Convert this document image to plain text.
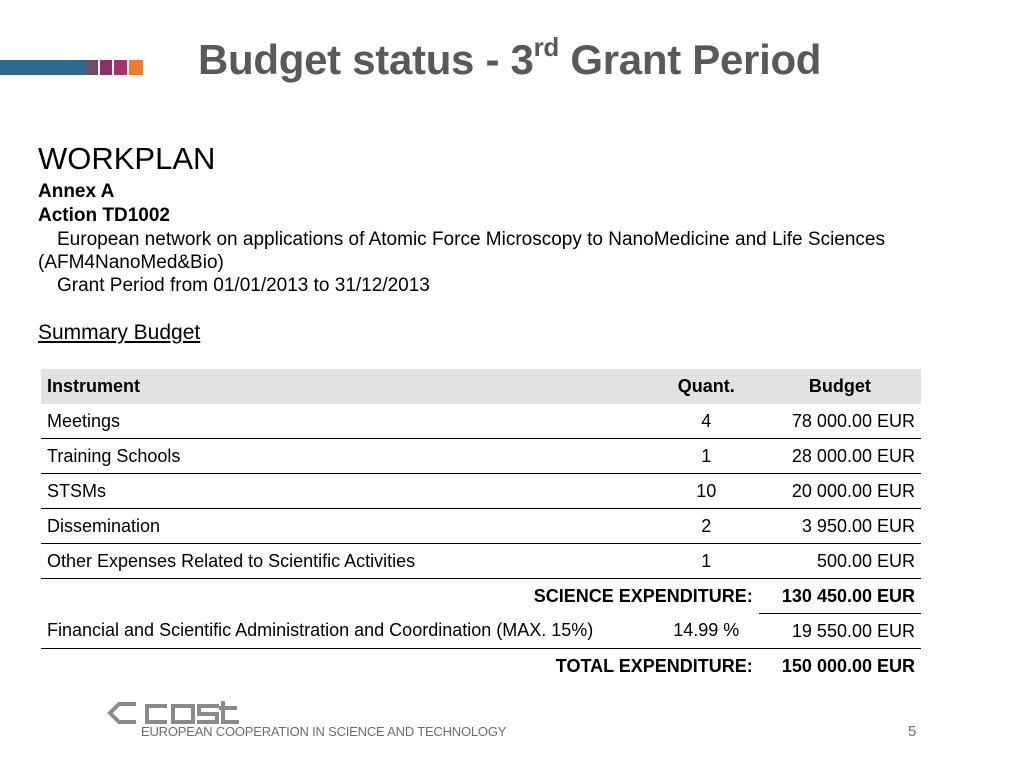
Budget status - 3rd Grant Period
WORKPLAN
Annex A
Action TD1002
European network on applications of Atomic Force Microscopy to NanoMedicine and Life Sciences
(AFM4NanoMed&Bio)
Grant Period from 01/01/2013 to 31/12/2013
Summary Budget
Instrument	Quant.	Budget
Meetings	4	78 000.00 EUR
Training Schools	1	28 000.00 EUR
STSMs	10	20 000.00 EUR
Dissemination	2	3 950.00 EUR
Other Expenses Related to Scientific Activities	1	500.00 EUR
SCIENCE EXPENDITURE:		130 450.00 EUR
Financial and Scientific Administration and Coordination (MAX. 15%)	14.99 %	19 550.00 EUR
TOTAL EXPENDITURE:		150 000.00 EUR
EUROPEAN COOPERATION IN SCIENCE AND TECHNOLOGY	5
